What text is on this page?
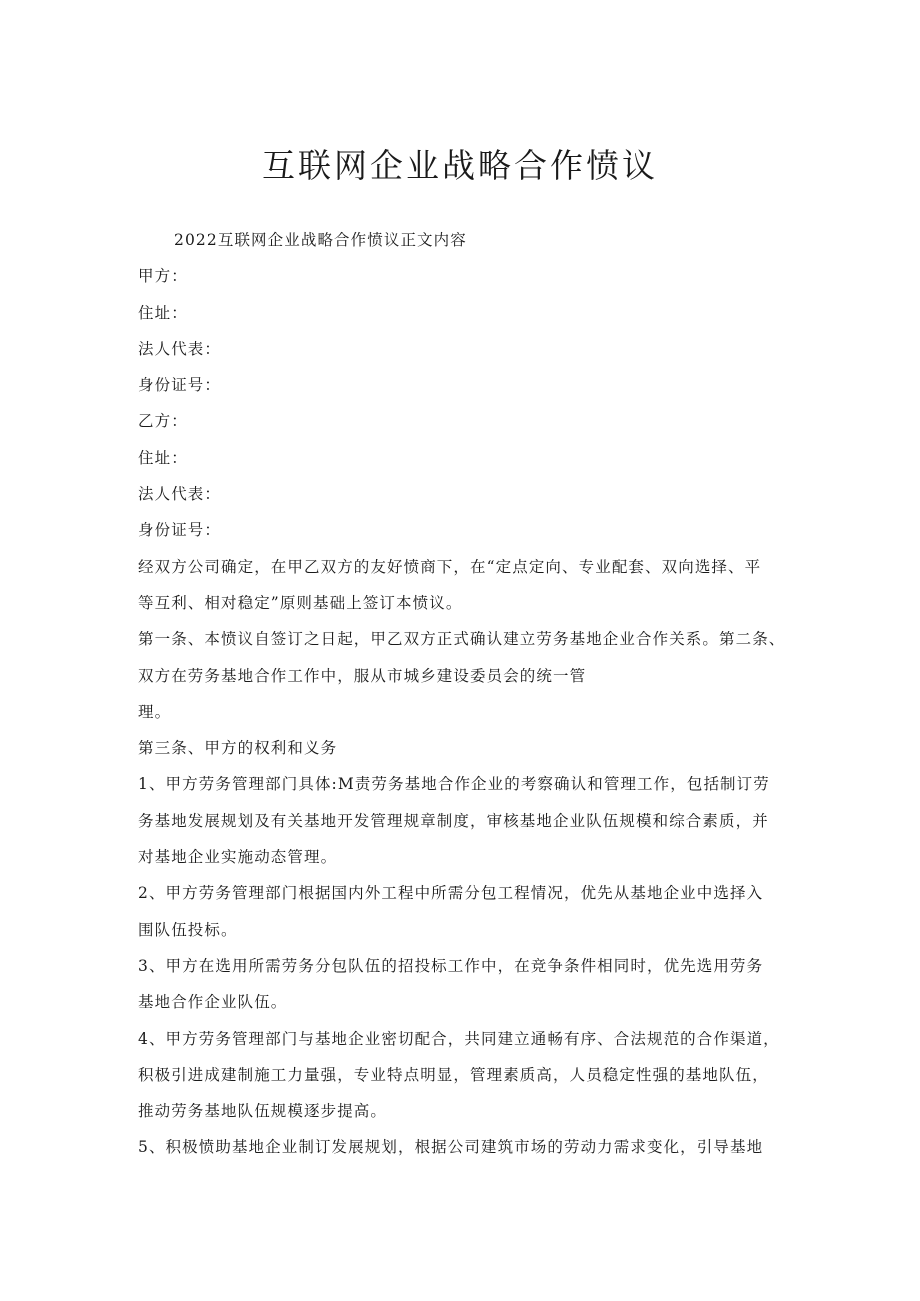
互联网企业战略合作愤议
2022互联网企业战略合作愤议正文内容
甲方：
住址：
法人代表：
身份证号：
乙方：
住址：
法人代表：
身份证号：
经双方公司确定，在甲乙双方的友好愤商下，在“定点定向、专业配套、双向选择、平
等互利、相对稳定”原则基础上签订本愤议。
第一条、本愤议自签订之日起，甲乙双方正式确认建立劳务基地企业合作关系。第二条、
双方在劳务基地合作工作中，服从市城乡建设委员会的统一管
理。
第三条、甲方的权利和义务
1、甲方劳务管理部门具体:M责劳务基地合作企业的考察确认和管理工作，包括制订劳
务基地发展规划及有关基地开发管理规章制度，审核基地企业队伍规模和综合素质，并
对基地企业实施动态管理。
2、甲方劳务管理部门根据国内外工程中所需分包工程情况，优先从基地企业中选择入
围队伍投标。
3、甲方在选用所需劳务分包队伍的招投标工作中，在竞争条件相同时，优先选用劳务
基地合作企业队伍。
4、甲方劳务管理部门与基地企业密切配合，共同建立通畅有序、合法规范的合作渠道，
积极引进成建制施工力量强，专业特点明显，管理素质高，人员稳定性强的基地队伍，
推动劳务基地队伍规模逐步提高。
5、积极愤助基地企业制订发展规划，根据公司建筑市场的劳动力需求变化，引导基地
